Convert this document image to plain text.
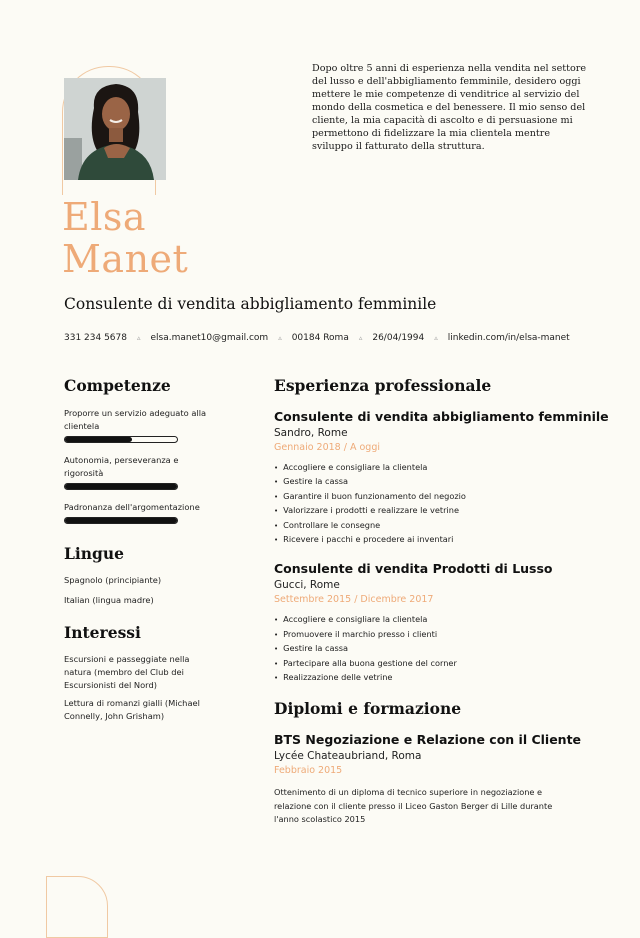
Dopo oltre 5 anni di esperienza nella vendita nel settore del lusso e dell'abbigliamento femminile, desidero oggi mettere le mie competenze di venditrice al servizio del mondo della cosmetica e del benessere. Il mio senso del cliente, la mia capacità di ascolto e di persuasione mi permettono di fidelizzare la mia clientela mentre sviluppo il fatturato della struttura.
Elsa
Manet
Consulente di vendita abbigliamento femminile
331 234 5678 ▵ elsa.manet10@gmail.com ▵ 00184 Roma ▵ 26/04/1994 ▵ linkedin.com/in/elsa-manet
Competenze
Proporre un servizio adeguato alla clientela
Autonomia, perseveranza e rigorosità
Padronanza dell'argomentazione
Lingue
Spagnolo (principiante)
Italian (lingua madre)
Interessi
Escursioni e passeggiate nella natura (membro del Club dei Escursionisti del Nord)
Lettura di romanzi gialli (Michael Connelly, John Grisham)
Esperienza professionale
Consulente di vendita abbigliamento femminile
Sandro, Rome
Gennaio 2018 / A oggi
• Accogliere e consigliare la clientela
• Gestire la cassa
• Garantire il buon funzionamento del negozio
• Valorizzare i prodotti e realizzare le vetrine
• Controllare le consegne
• Ricevere i pacchi e procedere ai inventari
Consulente di vendita Prodotti di Lusso
Gucci, Rome
Settembre 2015 / Dicembre 2017
• Accogliere e consigliare la clientela
• Promuovere il marchio presso i clienti
• Gestire la cassa
• Partecipare alla buona gestione del corner
• Realizzazione delle vetrine
Diplomi e formazione
BTS Negoziazione e Relazione con il Cliente
Lycée Chateaubriand, Roma
Febbraio 2015
Ottenimento di un diploma di tecnico superiore in negoziazione e relazione con il cliente presso il Liceo Gaston Berger di Lille durante l'anno scolastico 2015
